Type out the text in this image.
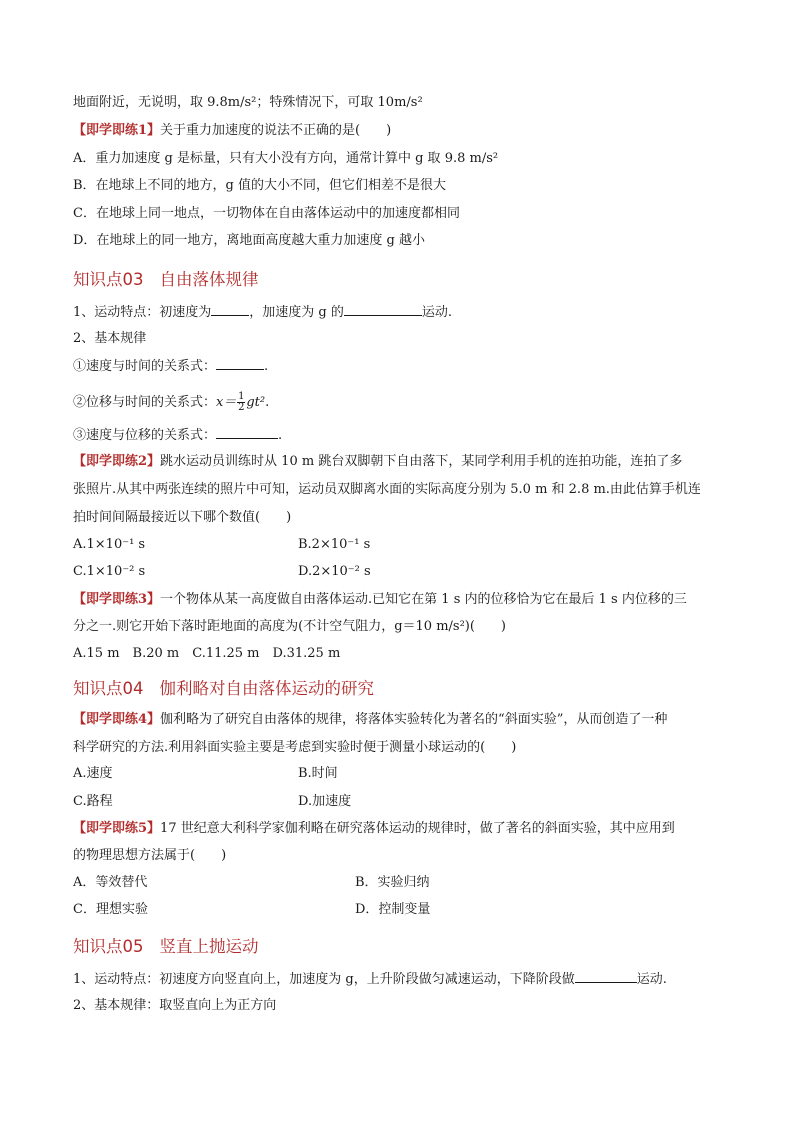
地面附近，无说明，取 9.8m/s²；特殊情况下，可取 10m/s²
【即学即练1】关于重力加速度的说法不正确的是(　　)
A．重力加速度 g 是标量，只有大小没有方向，通常计算中 g 取 9.8 m/s²
B．在地球上不同的地方，g 值的大小不同，但它们相差不是很大
C．在地球上同一地点，一切物体在自由落体运动中的加速度都相同
D．在地球上的同一地方，离地面高度越大重力加速度 g 越小
知识点03 自由落体规律
1、运动特点：初速度为	，加速度为 g 的	运动.
2、基本规律
①速度与时间的关系式：	.
②位移与时间的关系式：$x= \frac{1}{2} gt^2$.
③速度与位移的关系式：	.
【即学即练2】跳水运动员训练时从 10 m 跳台双脚朝下自由落下，某同学利用手机的连拍功能，连拍了多
张照片.从其中两张连续的照片中可知，运动员双脚离水面的实际高度分别为 5.0 m 和 2.8 m.由此估算手机连
拍时间间隔最接近以下哪个数值(　　)
A.1×10⁻¹ s	B.2×10⁻¹ s
C.1×10⁻² s	D.2×10⁻² s
【即学即练3】一个物体从某一高度做自由落体运动.已知它在第 1 s 内的位移恰为它在最后 1 s 内位移的三
分之一.则它开始下落时距地面的高度为(不计空气阻力，g＝10 m/s²)(　　)
A.15 m　B.20 m　C.11.25 m　D.31.25 m
知识点04 伽利略对自由落体运动的研究
【即学即练4】伽利略为了研究自由落体的规律，将落体实验转化为著名的“斜面实验”，从而创造了一种
科学研究的方法.利用斜面实验主要是考虑到实验时便于测量小球运动的(　　)
A.速度	B.时间
C.路程	D.加速度
【即学即练5】17 世纪意大利科学家伽利略在研究落体运动的规律时，做了著名的斜面实验，其中应用到
的物理思想方法属于(　　)
A．等效替代	B．实验归纳
C．理想实验	D．控制变量
知识点05 竖直上抛运动
1、运动特点：初速度方向竖直向上，加速度为 g，上升阶段做匀减速运动，下降阶段做	运动.
2、基本规律：取竖直向上为正方向
